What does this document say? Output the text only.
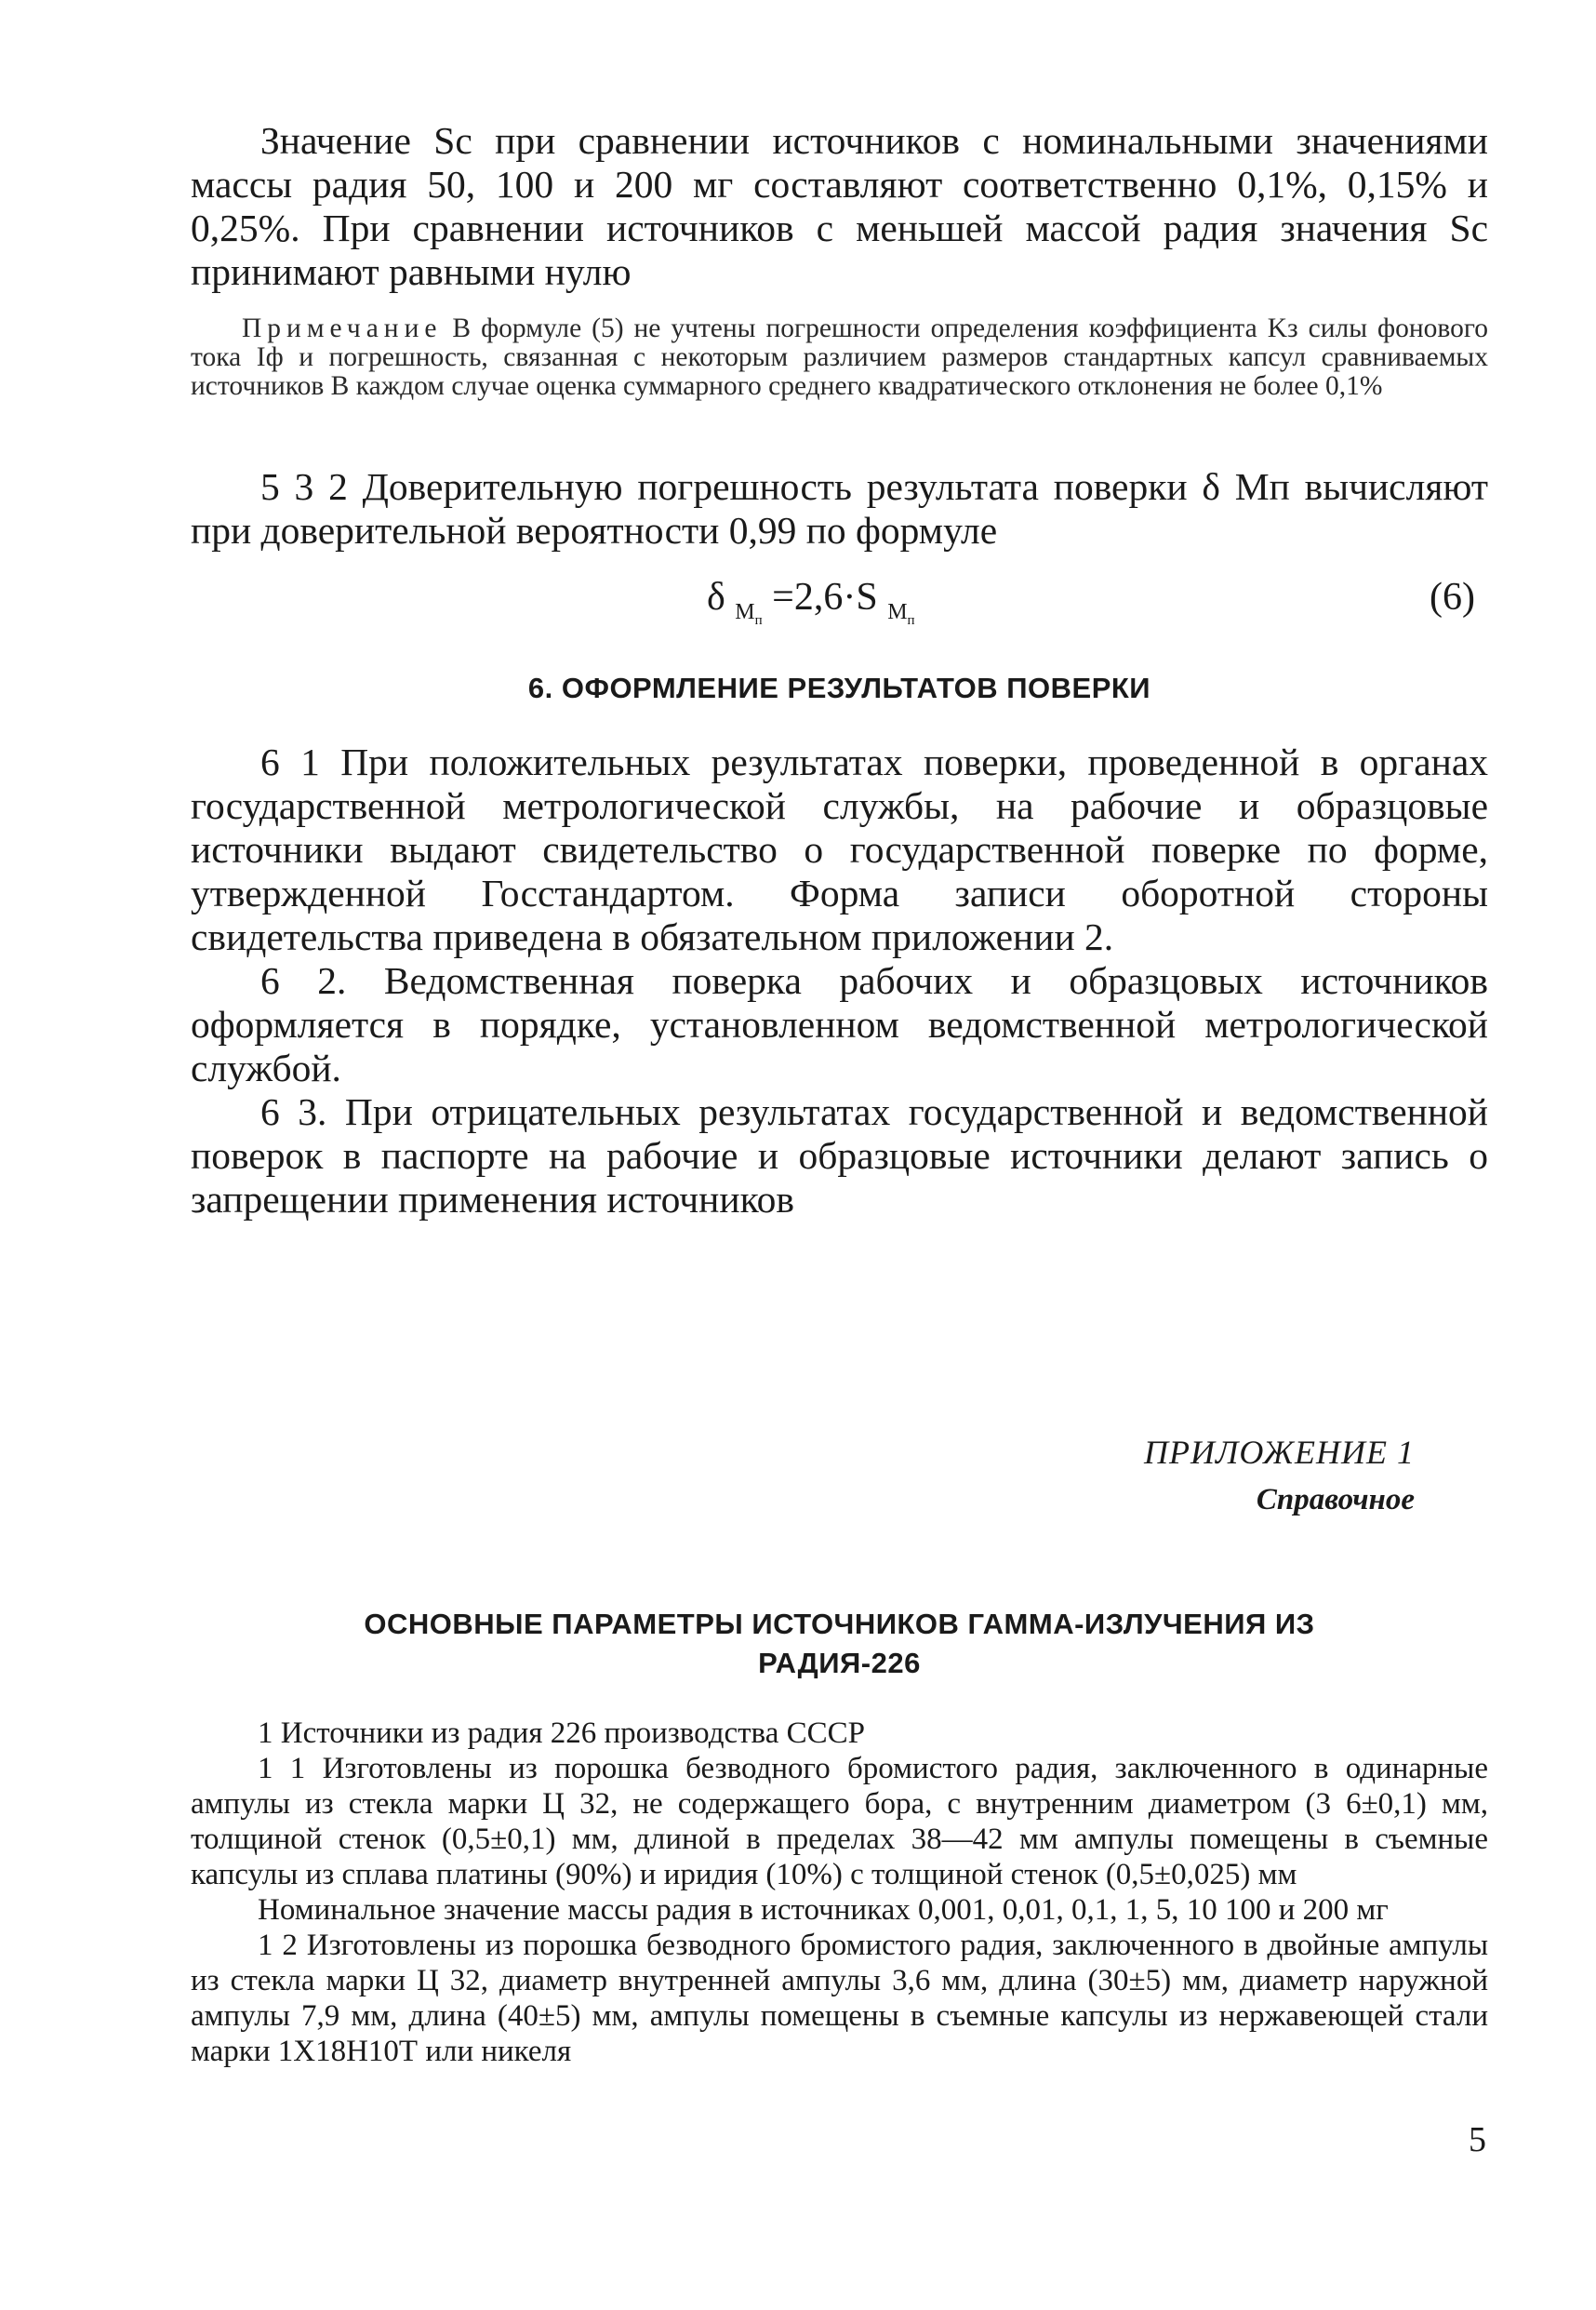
Значение Sс при сравнении источников с номинальными значениями массы радия 50, 100 и 200 мг составляют соответственно 0,1%, 0,15% и 0,25%. При сравнении источников с меньшей массой радия значения Sс принимают равными нулю

Примечание В формуле (5) не учтены погрешности определения коэффициента Kз силы фонового тока Iф и погрешность, связанная с некоторым различием размеров стандартных капсул сравниваемых источников В каждом случае оценка суммарного среднего квадратического отклонения не более 0,1%

5 3 2 Доверительную погрешность результата поверки δ Mп вычисляют при доверительной вероятности 0,99 по формуле

δ $_{M_п}$ =2,6·S $_{M_п}$
(6)

6. ОФОРМЛЕНИЕ РЕЗУЛЬТАТОВ ПОВЕРКИ

6 1 При положительных результатах поверки, проведенной в органах государственной метрологической службы, на рабочие и образцовые источники выдают свидетельство о государственной поверке по форме, утвержденной Госстандартом. Форма записи оборотной стороны свидетельства приведена в обязательном приложении 2.

6 2. Ведомственная поверка рабочих и образцовых источников оформляется в порядке, установленном ведомственной метрологической службой.

6 3. При отрицательных результатах государственной и ведомственной поверок в паспорте на рабочие и образцовые источники делают запись о запрещении применения источников

ПРИЛОЖЕНИЕ 1
Справочное

ОСНОВНЫЕ ПАРАМЕТРЫ ИСТОЧНИКОВ ГАММА-ИЗЛУЧЕНИЯ ИЗ

РАДИЯ-226

1 Источники из радия 226 производства СССР

1 1 Изготовлены из порошка безводного бромистого радия, заключенного в одинарные ампулы из стекла марки Ц 32, не содержащего бора, с внутренним диаметром (3 6±0,1) мм, толщиной стенок (0,5±0,1) мм, длиной в пределах 38—42 мм ампулы помещены в съемные капсулы из сплава платины (90%) и иридия (10%) с толщиной стенок (0,5±0,025) мм

Номинальное значение массы радия в источниках 0,001, 0,01, 0,1, 1, 5, 10 100 и 200 мг

1 2 Изготовлены из порошка безводного бромистого радия, заключенного в двойные ампулы из стекла марки Ц 32, диаметр внутренней ампулы 3,6 мм, длина (30±5) мм, диаметр наружной ампулы 7,9 мм, длина (40±5) мм, ампулы помещены в съемные капсулы из нержавеющей стали марки 1Х18Н10Т или никеля

5
